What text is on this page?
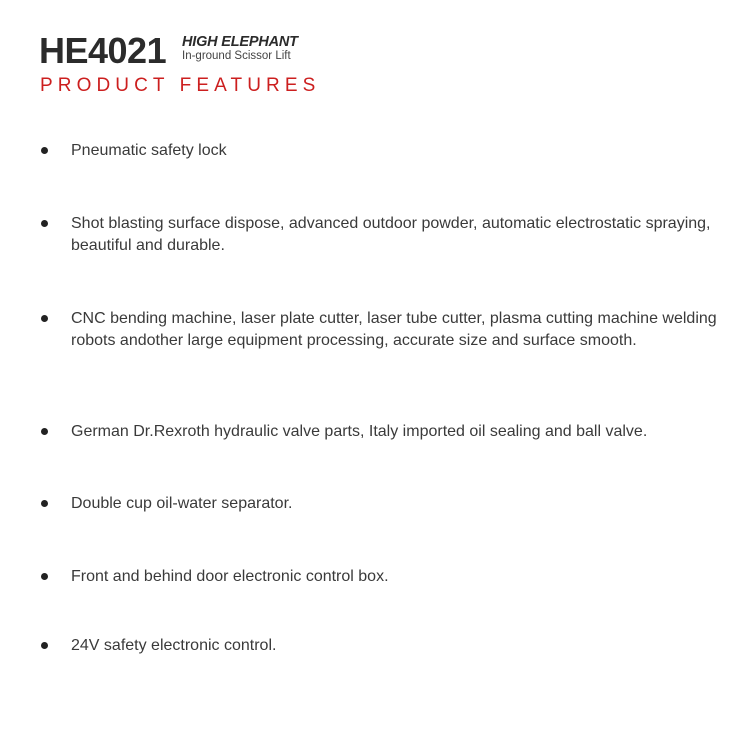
HE4021 HIGH ELEPHANT
In-ground Scissor Lift
PRODUCT FEATURES
Pneumatic safety lock
Shot blasting surface dispose, advanced outdoor powder, automatic electrostatic spraying, beautiful and durable.
CNC bending machine, laser plate cutter, laser tube cutter, plasma cutting machine welding robots andother large equipment processing, accurate size and surface smooth.
German Dr.Rexroth hydraulic valve parts, Italy imported oil sealing and ball valve.
Double cup oil-water separator.
Front and behind door electronic control box.
24V safety electronic control.
